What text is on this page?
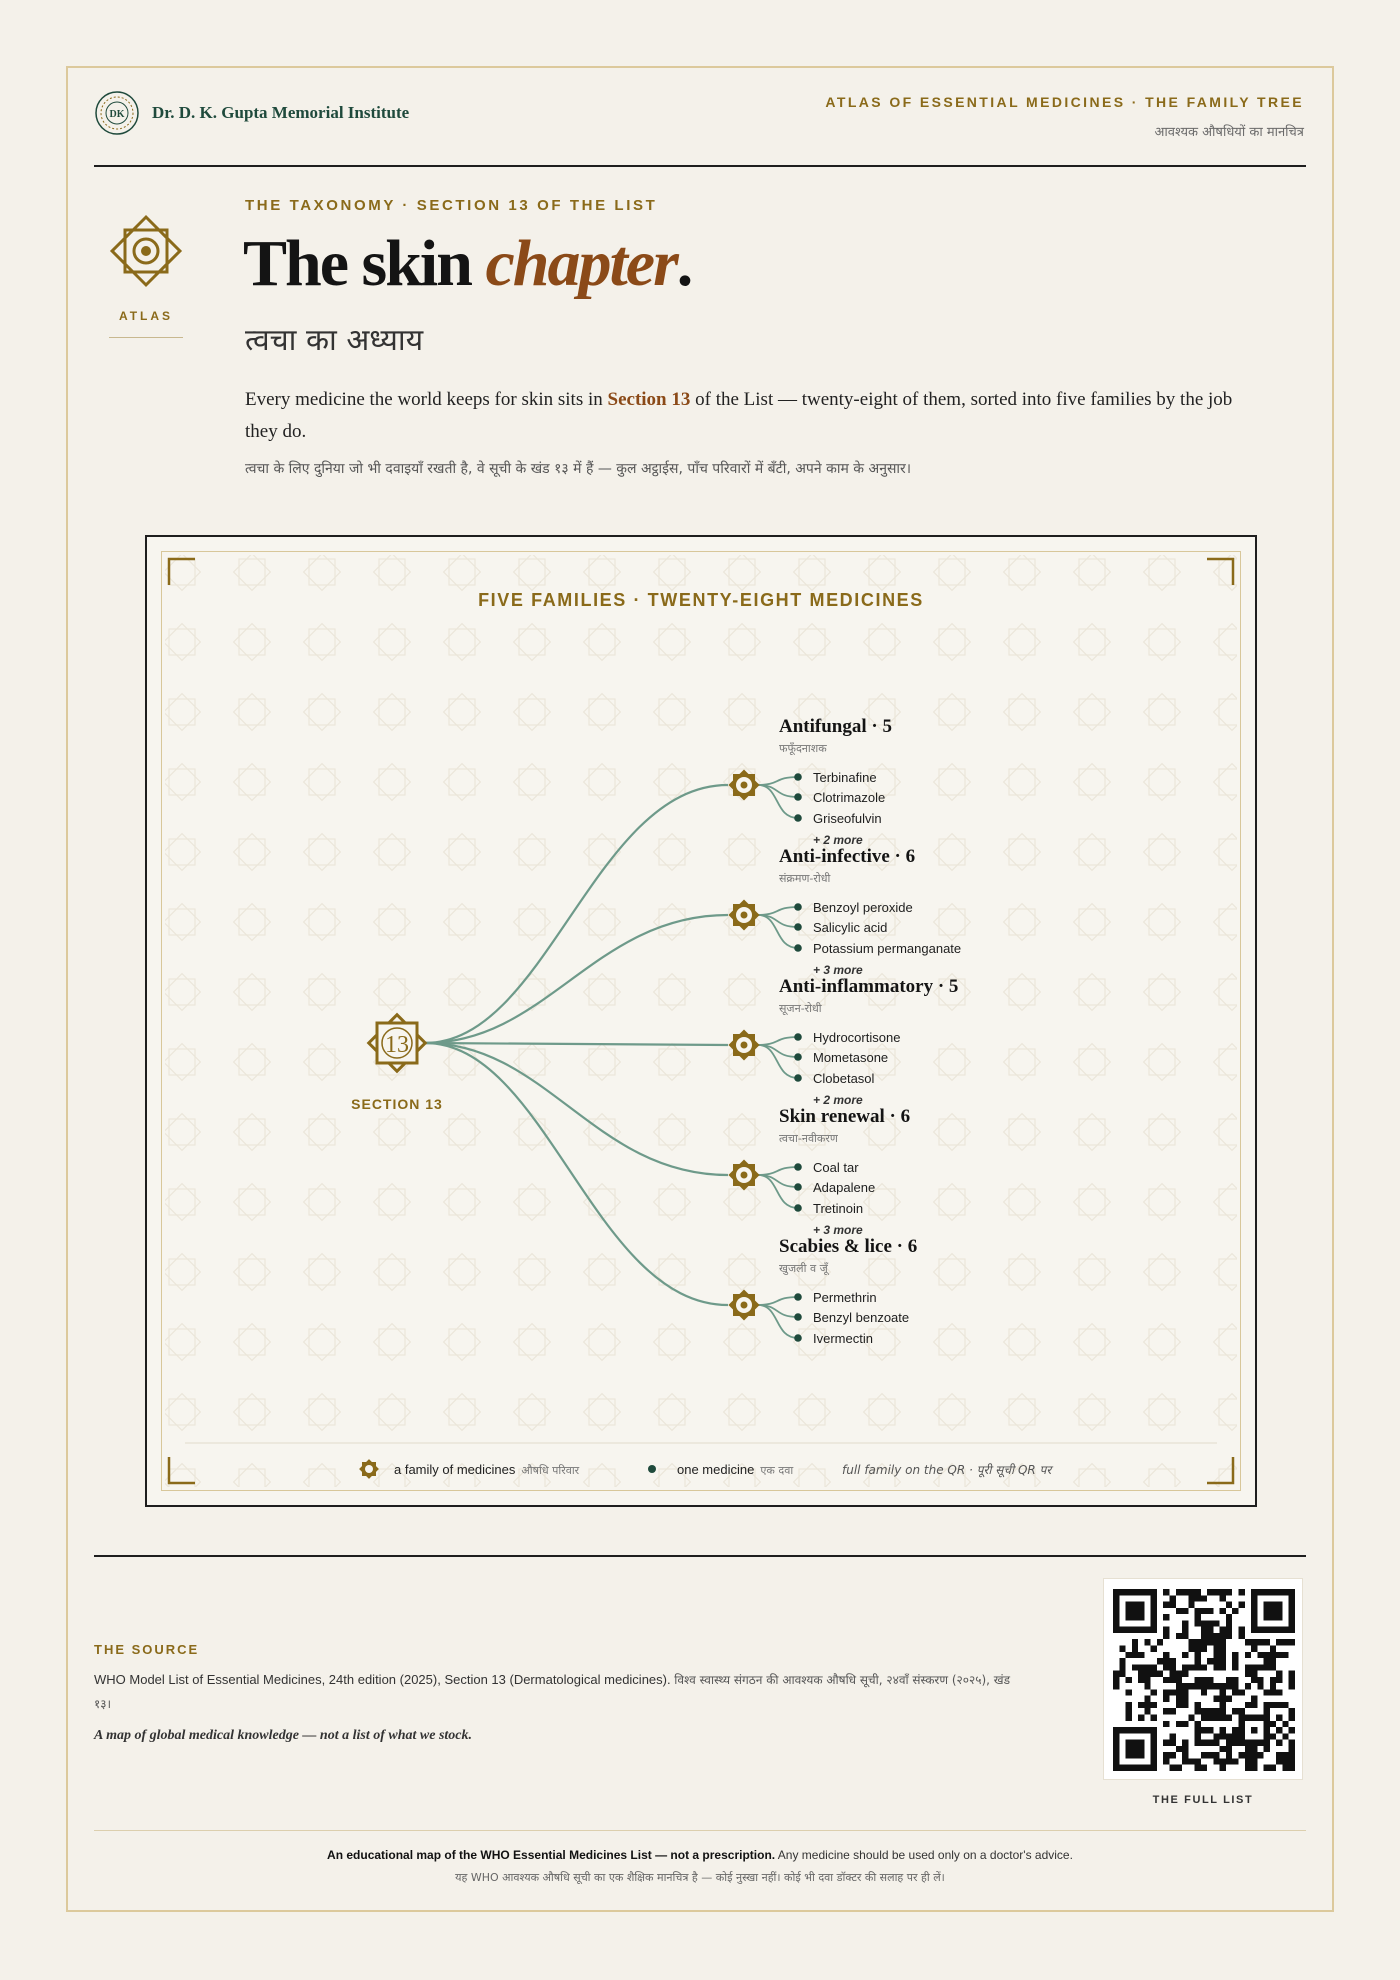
DK Dr. D. K. Gupta Memorial Institute
ATLAS OF ESSENTIAL MEDICINES · THE FAMILY TREE
आवश्यक औषधियों का मानचित्र
ATLAS
THE TAXONOMY · SECTION 13 OF THE LIST
The skin chapter.
त्वचा का अध्याय
Every medicine the world keeps for skin sits in Section 13 of the List — twenty-eight of them, sorted into five families by the job they do.
त्वचा के लिए दुनिया जो भी दवाइयाँ रखती है, वे सूची के खंड १३ में हैं — कुल अट्ठाईस, पाँच परिवारों में बँटी, अपने काम के अनुसार।
FIVE FAMILIES · TWENTY-EIGHT MEDICINES
Antifungal · 5
फफूँदनाशक
Terbinafine
Clotrimazole
Griseofulvin
+ 2 more
Anti-infective · 6
संक्रमण-रोधी
Benzoyl peroxide
Salicylic acid
Potassium permanganate
+ 3 more
Anti-inflammatory · 5
सूजन-रोधी
Hydrocortisone
Mometasone
Clobetasol
+ 2 more
Skin renewal · 6
त्वचा-नवीकरण
Coal tar
Adapalene
Tretinoin
+ 3 more
Scabies & lice · 6
खुजली व जूँ
Permethrin
Benzyl benzoate
Ivermectin
13
SECTION 13
a family of medicines औषधि परिवार	one medicine एक दवा	full family on the QR · पूरी सूची QR पर
THE SOURCE
WHO Model List of Essential Medicines, 24th edition (2025), Section 13 (Dermatological medicines). विश्व स्वास्थ्य संगठन की आवश्यक औषधि सूची, २४वाँ संस्करण (२०२५), खंड १३।
A map of global medical knowledge — not a list of what we stock.
THE FULL LIST
An educational map of the WHO Essential Medicines List — not a prescription. Any medicine should be used only on a doctor's advice.
यह WHO आवश्यक औषधि सूची का एक शैक्षिक मानचित्र है — कोई नुस्खा नहीं। कोई भी दवा डॉक्टर की सलाह पर ही लें।
